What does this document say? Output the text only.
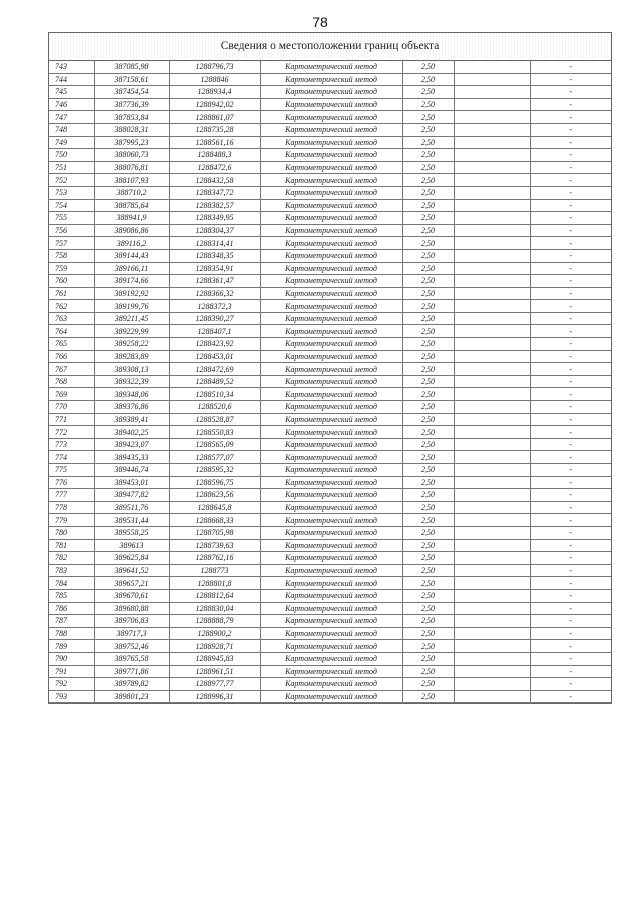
78
Сведения о местоположении границ объекта
743	387085,98	1288796,73	Картометрический метод	2,50		-
744	387158,61	1288846	Картометрический метод	2,50		-
745	387454,54	1288934,4	Картометрический метод	2,50		-
746	387736,39	1288942,02	Картометрический метод	2,50		-
747	387853,84	1288861,07	Картометрический метод	2,50		-
748	388028,31	1288735,28	Картометрический метод	2,50		-
749	387995,23	1288561,16	Картометрический метод	2,50		-
750	388060,73	1288488,3	Картометрический метод	2,50		-
751	388076,81	1288472,6	Картометрический метод	2,50		-
752	388107,93	1288432,58	Картометрический метод	2,50		-
753	388710,2	1288347,72	Картометрический метод	2,50		-
754	388785,64	1288382,57	Картометрический метод	2,50		-
755	388941,9	1288349,95	Картометрический метод	2,50		-
756	389086,86	1288304,37	Картометрический метод	2,50		-
757	389116,2	1288314,41	Картометрический метод	2,50		-
758	389144,43	1288348,35	Картометрический метод	2,50		-
759	389166,11	1288354,91	Картометрический метод	2,50		-
760	389174,66	1288361,47	Картометрический метод	2,50		-
761	389192,92	1288366,32	Картометрический метод	2,50		-
762	389199,76	1288372,3	Картометрический метод	2,50		-
763	389211,45	1288390,27	Картометрический метод	2,50		-
764	389229,99	1288407,1	Картометрический метод	2,50		-
765	389258,22	1288423,92	Картометрический метод	2,50		-
766	389283,89	1288453,01	Картометрический метод	2,50		-
767	389308,13	1288472,69	Картометрический метод	2,50		-
768	389322,39	1288489,52	Картометрический метод	2,50		-
769	389348,06	1288510,34	Картометрический метод	2,50		-
770	389376,86	1288520,6	Картометрический метод	2,50		-
771	389389,41	1288528,87	Картометрический метод	2,50		-
772	389402,25	1288550,83	Картометрический метод	2,50		-
773	389423,07	1288565,09	Картометрический метод	2,50		-
774	389435,33	1288577,07	Картометрический метод	2,50		-
775	389446,74	1288595,32	Картометрический метод	2,50		-
776	389453,01	1288596,75	Картометрический метод	2,50		-
777	389477,82	1288623,56	Картометрический метод	2,50		-
778	389511,76	1288645,8	Картометрический метод	2,50		-
779	389531,44	1288668,33	Картометрический метод	2,50		-
780	389558,25	1288705,98	Картометрический метод	2,50		-
781	389613	1288739,63	Картометрический метод	2,50		-
782	389625,84	1288762,16	Картометрический метод	2,50		-
783	389641,52	1288773	Картометрический метод	2,50		-
784	389657,21	1288801,8	Картометрический метод	2,50		-
785	389670,61	1288812,64	Картометрический метод	2,50		-
786	389680,88	1288830,04	Картометрический метод	2,50		-
787	389706,83	1288888,79	Картометрический метод	2,50		-
788	389717,3	1288900,2	Картометрический метод	2,50		-
789	389752,46	1288928,71	Картометрический метод	2,50		-
790	389765,58	1288945,83	Картометрический метод	2,50		-
791	389771,86	1288961,51	Картометрический метод	2,50		-
792	389789,82	1288977,77	Картометрический метод	2,50		-
793	389801,23	1288996,31	Картометрический метод	2,50		-
